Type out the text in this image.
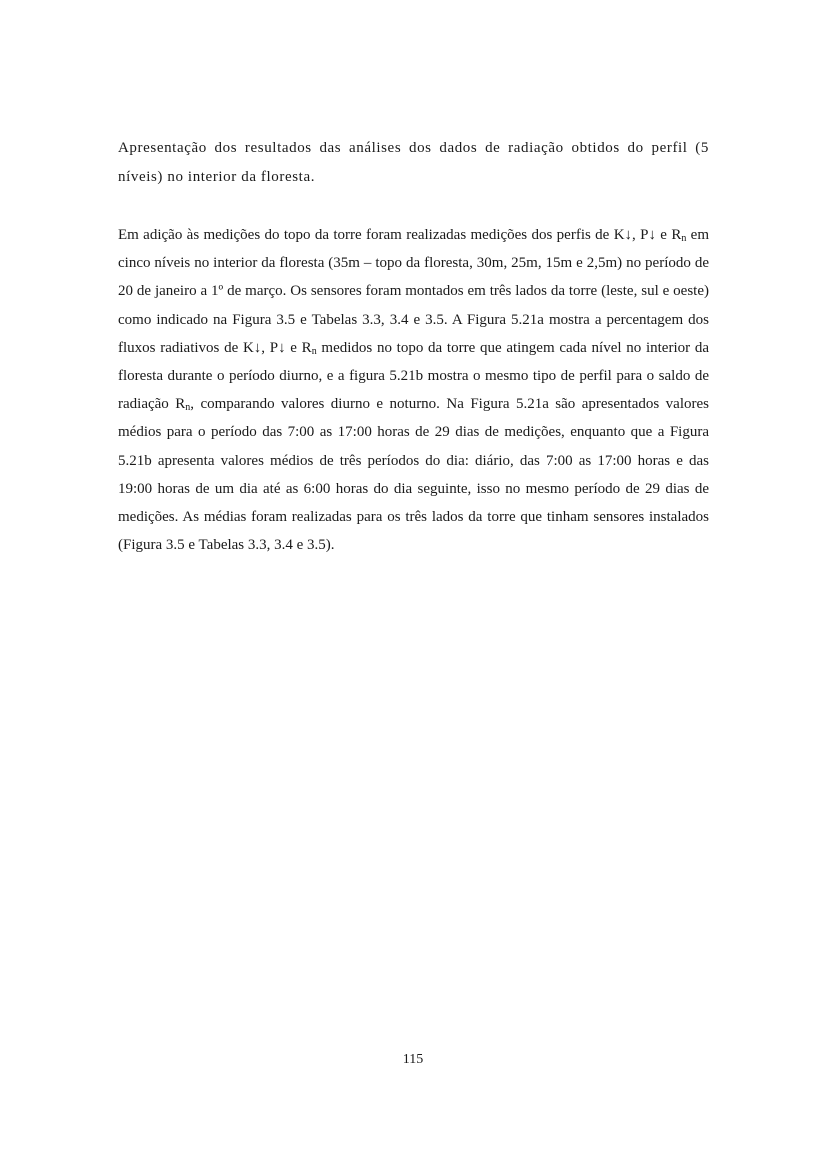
Apresentação dos resultados das análises dos dados de radiação obtidos do perfil (5 níveis) no interior da floresta.

Em adição às medições do topo da torre foram realizadas medições dos perfis de K↓, P↓ e $R_n$ em cinco níveis no interior da floresta (35m – topo da floresta, 30m, 25m, 15m e 2,5m) no período de 20 de janeiro a 1º de março. Os sensores foram montados em três lados da torre (leste, sul e oeste) como indicado na Figura 3.5 e Tabelas 3.3, 3.4 e 3.5. A Figura 5.21a mostra a percentagem dos fluxos radiativos de K↓, P↓ e $R_n$ medidos no topo da torre que atingem cada nível no interior da floresta durante o período diurno, e a figura 5.21b mostra o mesmo tipo de perfil para o saldo de radiação $R_n$, comparando valores diurno e noturno. Na Figura 5.21a são apresentados valores médios para o período das 7:00 as 17:00 horas de 29 dias de medições, enquanto que a Figura 5.21b apresenta valores médios de três períodos do dia: diário, das 7:00 as 17:00 horas e das 19:00 horas de um dia até as 6:00 horas do dia seguinte, isso no mesmo período de 29 dias de medições. As médias foram realizadas para os três lados da torre que tinham sensores instalados (Figura 3.5 e Tabelas 3.3, 3.4 e 3.5).

115
